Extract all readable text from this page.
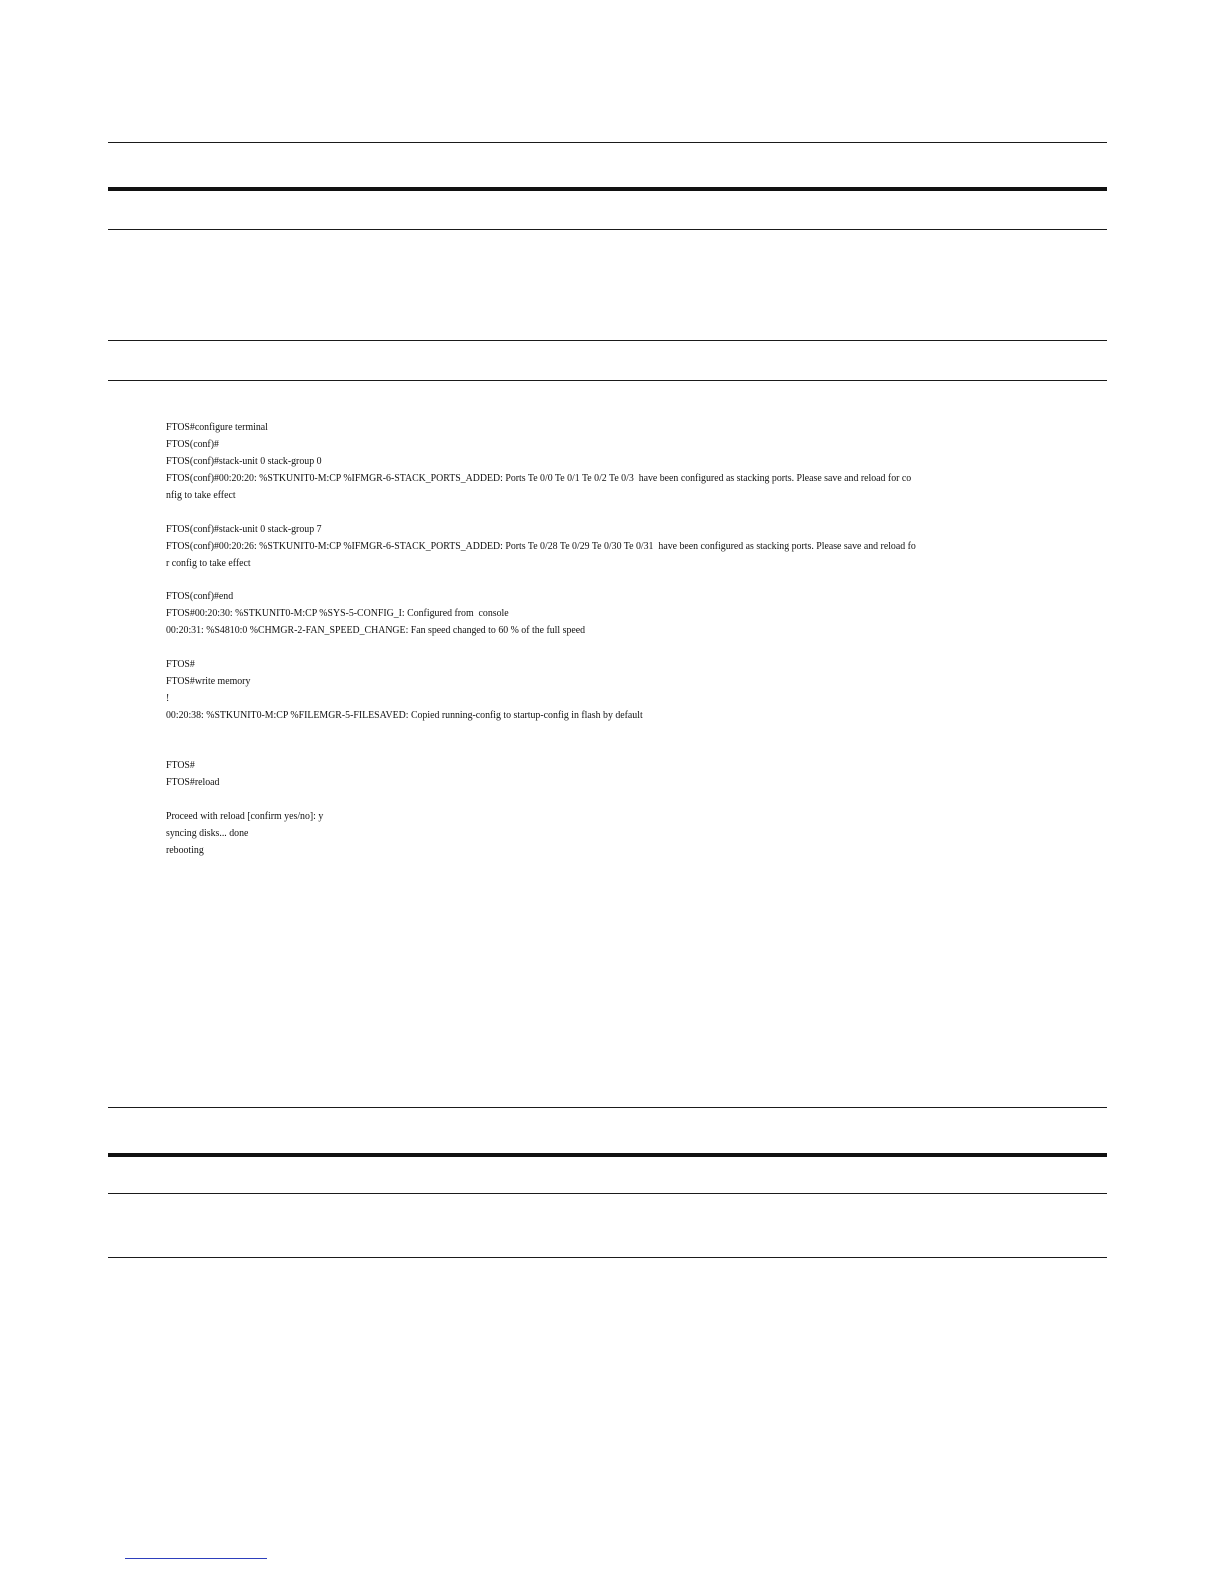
FTOS#configure terminal
FTOS(conf)#
FTOS(conf)#stack-unit 0 stack-group 0
FTOS(conf)#00:20:20: %STKUNIT0-M:CP %IFMGR-6-STACK_PORTS_ADDED: Ports Te 0/0 Te 0/1 Te 0/2 Te 0/3  have been configured as stacking ports. Please save and reload for co
nfig to take effect
FTOS(conf)#stack-unit 0 stack-group 7
FTOS(conf)#00:20:26: %STKUNIT0-M:CP %IFMGR-6-STACK_PORTS_ADDED: Ports Te 0/28 Te 0/29 Te 0/30 Te 0/31  have been configured as stacking ports. Please save and reload fo
r config to take effect
FTOS(conf)#end
FTOS#00:20:30: %STKUNIT0-M:CP %SYS-5-CONFIG_I: Configured from  console
00:20:31: %S4810:0 %CHMGR-2-FAN_SPEED_CHANGE: Fan speed changed to 60 % of the full speed
FTOS#
FTOS#write memory
!
00:20:38: %STKUNIT0-M:CP %FILEMGR-5-FILESAVED: Copied running-config to startup-config in flash by default
FTOS#
FTOS#reload
Proceed with reload [confirm yes/no]: y
syncing disks... done
rebooting
